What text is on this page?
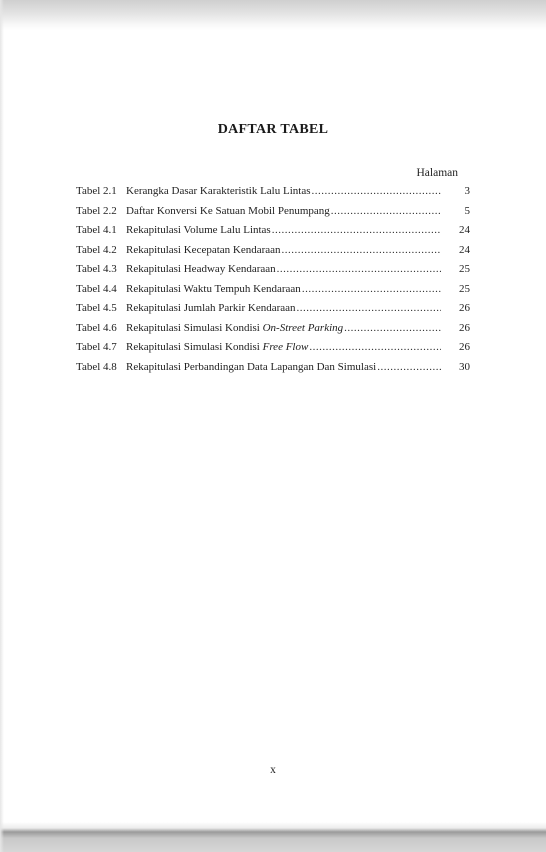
DAFTAR TABEL
Halaman
Tabel 2.1 Kerangka Dasar Karakteristik Lalu Lintas .....	3
Tabel 2.2 Daftar Konversi Ke Satuan Mobil Penumpang .....	5
Tabel 4.1 Rekapitulasi Volume Lalu Lintas .....	24
Tabel 4.2 Rekapitulasi Kecepatan Kendaraan .....	24
Tabel 4.3 Rekapitulasi Headway Kendaraan .....	25
Tabel 4.4 Rekapitulasi Waktu Tempuh Kendaraan .....	25
Tabel 4.5 Rekapitulasi Jumlah Parkir Kendaraan .....	26
Tabel 4.6 Rekapitulasi Simulasi Kondisi On-Street Parking .....	26
Tabel 4.7 Rekapitulasi Simulasi Kondisi Free Flow .....	26
Tabel 4.8 Rekapitulasi Perbandingan Data Lapangan Dan Simulasi .....	30
x
